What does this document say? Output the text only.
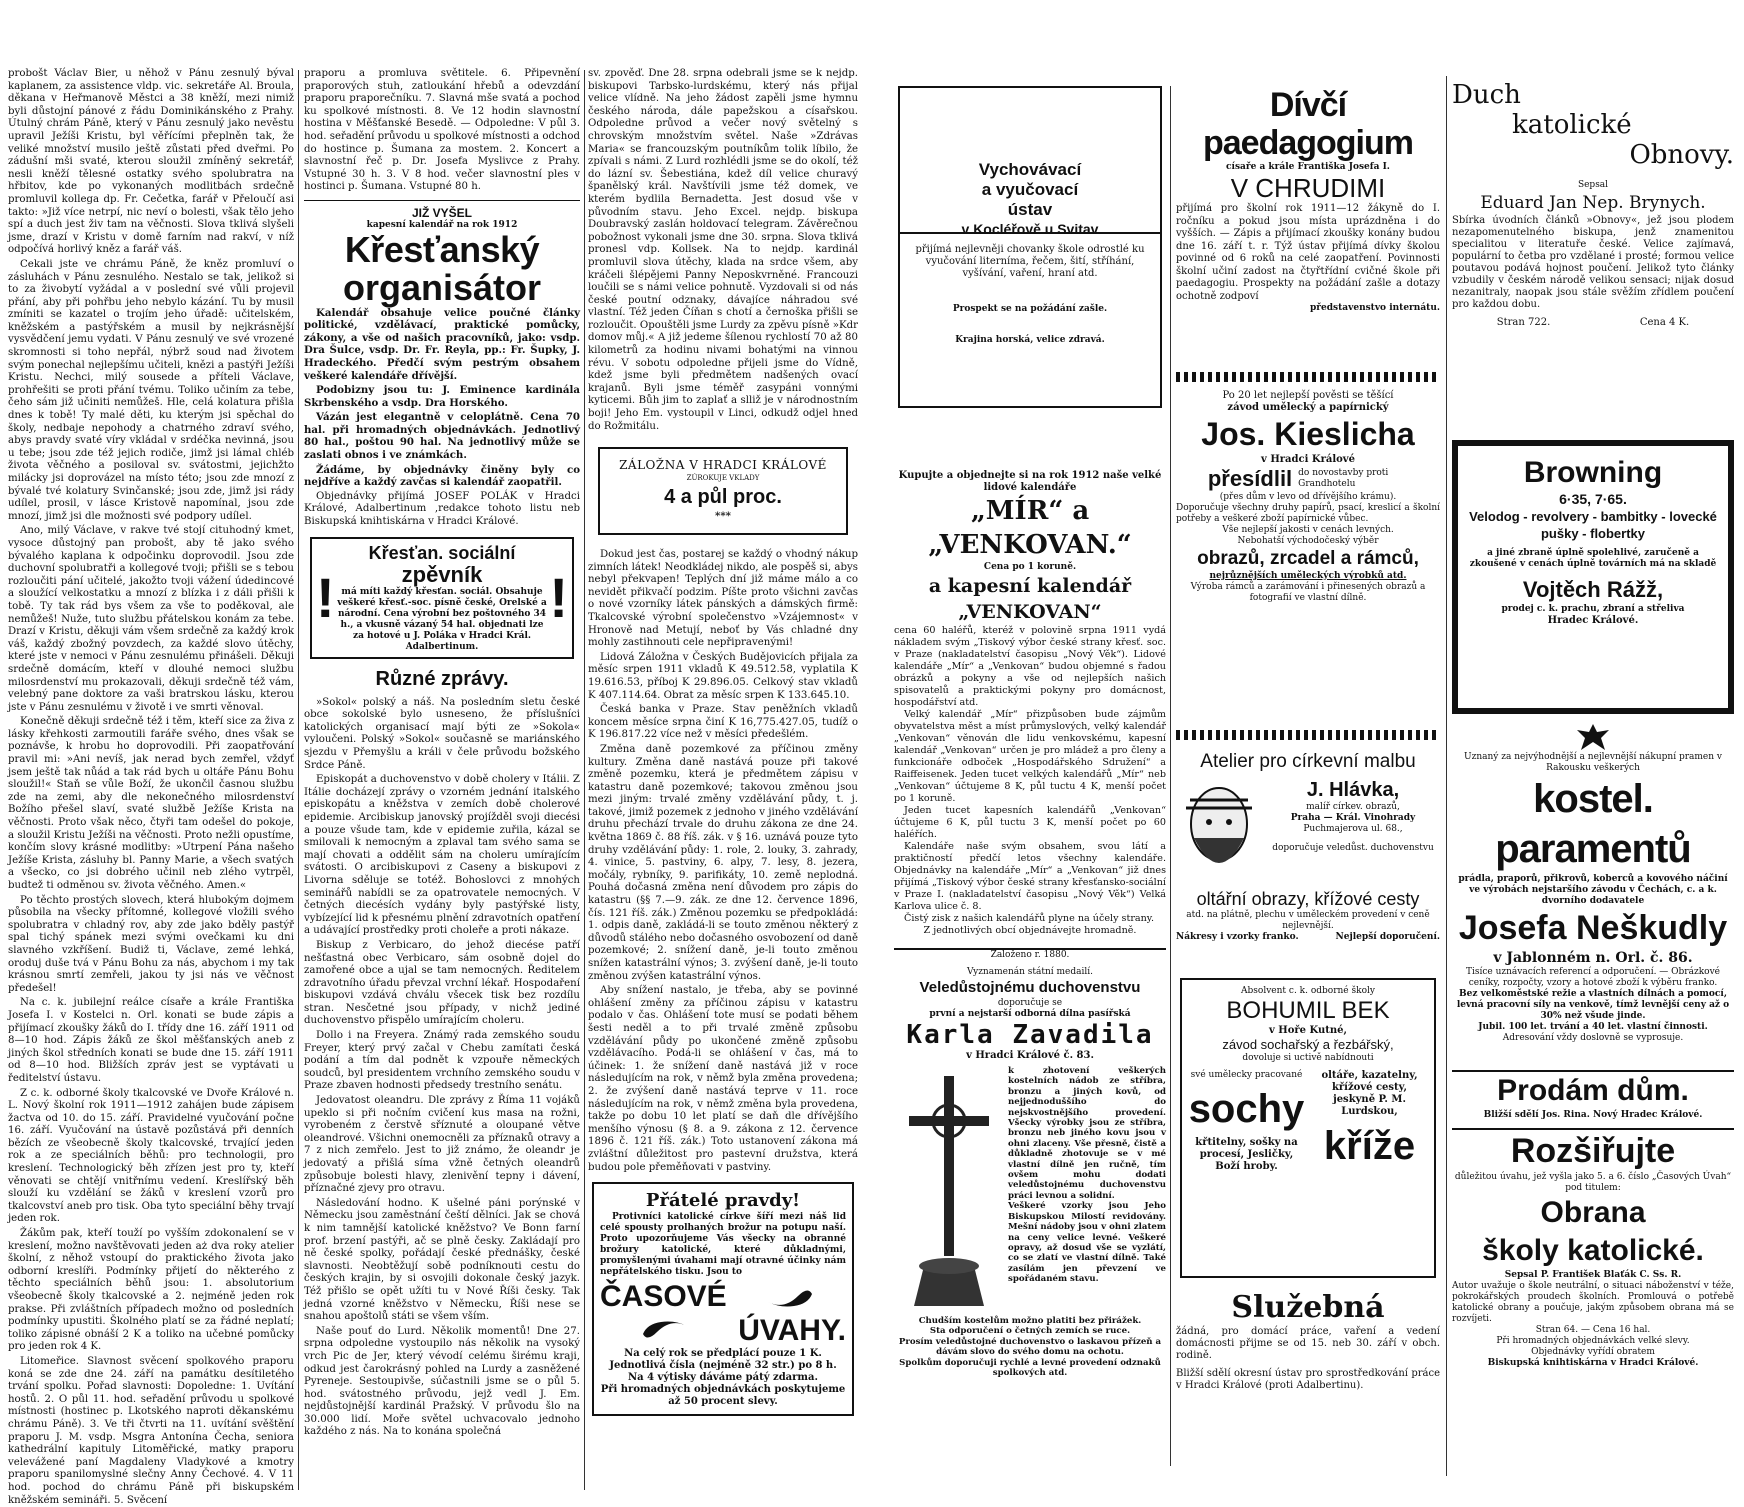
probošt Václav Bier, u něhož v Pánu zesnulý býval kaplanem, za assistence vldp. vic. sekretáře Al. Broula, děkana v Heřmanově Městci a 38 kněží, mezi nimiž byli důstojní pánové z řádu Dominikánského z Prahy. Útulný chrám Páně, který v Pánu zesnulý jako nevěstu upravil Ježíši Kristu, byl věřícími přeplněn tak, že veliké množství musilo ještě zůstati před dveřmi. Po zádušní mši svaté, kterou sloužil zmíněný sekretář, nesli kněží tělesné ostatky svého spolubratra na hřbitov, kde po vykonaných modlitbách srdečně promluvil kollega dp. Fr. Cečetka, farář v Přeloučí asi takto: »Již více netrpí, nic neví o bolesti, však tělo jeho spí a duch jest živ tam na věčnosti. Slova tklivá slyšeli jsme, drazí v Kristu v domě farním nad rakví, v níž odpočívá horlivý kněz a farář váš.

Cekali jste ve chrámu Páně, že kněz promluví o zásluhách v Pánu zesnulého. Nestalo se tak, jelikož si to za živobytí vyžádal a v poslední své vůli projevil přání, aby při pohřbu jeho nebylo kázání. Tu by musil zmíniti se kazatel o trojím jeho úřadě: učitelském, kněžském a pastýřském a musil by nejkrásnější vysvědčení jemu vydati. V Pánu zesnulý ve své vrozené skromnosti si toho nepřál, nýbrž soud nad životem svým ponechal nejlepšímu učiteli, knězi a pastýři Ježíši Kristu. Nechci, milý sousede a příteli Václave, prohřešiti se proti přání tvému. Toliko učiním za tebe, čeho sám již učiniti nemůžeš. Hle, celá kolatura přišla dnes k tobě! Ty malé děti, ku kterým jsi spěchal do školy, nedbaje nepohody a chatrného zdraví svého, abys pravdy svaté víry vkládal v srdéčka nevinná, jsou u tebe; jsou zde též jejich rodiče, jimž jsi lámal chléb života věčného a posiloval sv. svátostmi, jejichžto milácky jsi doprovázel na místo této; jsou zde mnozí z bývalé tvé kolatury Svinčanské; jsou zde, jimž jsi rády udílel, prosil, v lásce Kristově napomínal, jsou zde mnozí, jimž jsi dle možnosti své podpory udílel.

Ano, milý Václave, v rakve tvé stojí cituhodný kmet, vysoce důstojný pan probošt, aby tě jako svého bývalého kaplana k odpočinku doprovodil. Jsou zde duchovní spolubratři a kollegové tvoji; přišli se s tebou rozloučiti pání učitelé, jakožto tvoji vážení údedincové a sloužící velkostatku a mnozí z blízka i z dáli přišli k tobě. Ty tak rád bys všem za vše to poděkoval, ale nemůžeš! Nuže, tuto službu přátelskou konám za tebe. Drazí v Kristu, děkuji vám všem srdečně za každý krok váš, každý zbožný povzdech, za každé slovo útěchy, které jste v nemoci v Pánu zesnulému přinášeli. Děkuji srdečně domácím, kteří v dlouhé nemoci službu milosrdenství mu prokazovali, děkuji srdečně též vám, velebný pane doktore za vaši bratrskou lásku, kterou jste v Pánu zesnulému v životě i ve smrti věnoval.

Konečně děkuji srdečně též i těm, kteří sice za živa z lásky křehkosti zarmoutili faráře svého, dnes však se poznávše, k hrobu ho doprovodili. Při zaopatřování pravil mi: »Ani nevíš, jak nerad bych zemřel, vždyť jsem ještě tak nůád a tak rád bych u oltáře Pánu Bohu sloužil!« Staň se vůle Boží, že ukončil časnou službu zde na zemi, aby dle nekonečného milosrdenství Božího přešel slaví, svaté službě Ježíše Krista na věčnosti. Proto však něco, čtyři tam odešel do pokoje, a sloužil Kristu Ježíši na věčnosti. Proto nežli opustíme, končím slovy krásné modlitby: »Utrpení Pána našeho Ježíše Krista, zásluhy bl. Panny Marie, a všech svatých a všecko, co jsi dobrého učinil neb zlého vytrpěl, budtež ti odměnou sv. života věčného. Amen.«

Po těchto prostých slovech, která hlubokým dojmem působila na všecky přítomné, kollegové vložili svého spolubratra v chladný rov, aby zde jako bděly pastýř spal tichý spánek mezi svými ovečkami ku dni slavného vzkříšení. Budiž ti, Václave, zemé lehká, oroduj duše tvá v Pánu Bohu za nás, abychom i my tak krásnou smrtí zemřeli, jakou ty jsi nás ve věčnost předešel!

Na c. k. jubilejní reálce císaře a krále Františka Josefa I. v Kostelci n. Orl. konati se bude zápis a přijímací zkoušky žáků do I. třídy dne 16. září 1911 od 8—10 hod. Zápis žáků ze škol měšťanských aneb z jiných škol středních konati se bude dne 15. září 1911 od 8—10 hod. Bližších zpráv jest se vyptávati u ředitelství ústavu.

Z c. k. odborné školy tkalcovské ve Dvoře Králové n. L. Nový školní rok 1911—1912 zahájen bude zápisem žactva od 10. do 15. září. Pravidelné vyučování počne 16. září. Vyučování na ústavě pozůstává při denních bězích ze všeobecně školy tkalcovské, trvající jeden rok a ze speciálních běhů: pro technologii, pro kreslení. Technologický běh zřízen jest pro ty, kteří věnovati se chtějí vnitřnímu vedení. Kreslířský běh slouží ku vzdělání se žáků v kreslení vzorů pro tkalcovství aneb pro tisk. Oba tyto speciální běhy trvají jeden rok.

Žákům pak, kteří touží po vyšším zdokonalení se v kreslení, možno navštěvovati jeden aż dva roky atelier školní, z něhož vstoupí do praktického života jako odborní kreslíři. Podmínky přijetí do některého z těchto speciálních běhů jsou: 1. absolutorium všeobecně školy tkalcovské a 2. nejméně jeden rok prakse. Při zvláštních případech možno od posledních podmínky upustiti. Školného platí se za řádné neplatí; toliko zápisné obnáší 2 K a toliko na učebné pomůcky pro jeden rok 4 K.

Litomeřice. Slavnost svěcení spolkového praporu koná se zde dne 24. září na památku desítiletého trvání spolku. Pořad slavnosti: Dopoledne: 1. Uvítání hostů. 2. O půl 11. hod. seřadění průvodu u spolkové místnosti (hostinec p. Lkotského naproti děkanskému chrámu Páně). 3. Ve tři čtvrti na 11. uvítání svěštění praporu J. M. vsdp. Msgra Antonína Čecha, seniora kathedrální kapituly Litoměřické, matky praporu velevážené paní Magdaleny Vladykové a kmotry praporu spanilomyslné slečny Anny Čechové. 4. V 11 hod. pochod do chrámu Páně při biskupském kněžském semináři. 5. Svěcení

praporu a promluva světitele. 6. Připevnění praporových stuh, zatloukání hřebů a odevzdání praporu praporečníku. 7. Slavná mše svatá a pochod ku spolkové místnosti. 8. Ve 12 hodin slavnostní hostina v Měšťanské Besedě. — Odpoledne: V půl 3. hod. seřadění průvodu u spolkové místnosti a odchod do hostince p. Šumana za mostem. 2. Koncert a slavnostní řeč p. Dr. Josefa Myslivce z Prahy. Vstupné 30 h. 3. V 8 hod. večer slavnostní ples v hostinci p. Šumana. Vstupné 80 h.

JIŽ VYŠEL
kapesní kalendář na rok 1912
Křesťanský
organisátor

Kalendář obsahuje velice poučné články politické, vzdělávací, praktické pomůcky, zákony, a vše od našich pracovníků, jako: vsdp. Dra Šulce, vsdp. Dr. Fr. Reyla, pp.: Fr. Šupky, J. Hradeckého. Předčí svým pestrým obsahem veškeré kalendáře dřívější.

Podobizny jsou tu: J. Eminence kardinála Skrbenského a vsdp. Dra Horského.

Vázán jest elegantně v celoplátně. Cena 70 hal. při hromadných objednávkách. Jednotlivý 80 hal., poštou 90 hal. Na jednotlivý může se zaslati obnos i ve známkách.

Žádáme, by objednávky činěny byly co nejdříve a každý zavčas si kalendář zaopatřil.

Objednávky přijímá JOSEF POLÁK v Hradci Králové, Adalbertinum ,redakce tohoto listu neb Biskupská knihtiskárna v Hradci Králové.

!
Křesťan. sociální
zpěvník
má míti každý křesťan. sociál. Obsahuje veškeré křesť.-soc. písně české, Orelské a národní. Cena výrobní bez poštovného 34 h., a vkusně vázaný 54 hal. objednati lze za hotové u J. Poláka v Hradci Král. Adalbertinum.
!
Různé zprávy.

»Sokol« polský a náš. Na posledním sletu české obce sokolské bylo usneseno, že příslušníci katolických organisací mají býti ze »Sokola« vyloučeni. Polský »Sokol« současně se mariánského sjezdu v Přemyšlu a králi v čele průvodu božského Srdce Páně.

Episkopát a duchovenstvo v době cholery v Itálii. Z Itálie docházejí zprávy o vzorném jednání italského episkopátu a kněžstva v zemích době cholerové epidemie. Arcibiskup janovský projížděl svoji diecési a pouze všude tam, kde v epidemie zuřila, kázal se smilovali k nemocným a zplaval tam svého sama se mají chovati a oddělit sám na choleru umírajícím svátosti. O arcibiskupovi z Caseny a biskupovi z Livorna sděluje se totéž. Bohoslovci z mnohých seminářů nabídli se za opatrovatele nemocných. V četných diecésích vydány byly pastýřské listy, vybízející lid k přesnému plnění zdravotních opatření a udávající prostředky proti choleře a proti nákaze.

Biskup z Verbicaro, do jehož diecése patří nešťastná obec Verbicaro, sám osobně dojel do zamořené obce a ujal se tam nemocných. Ředitelem zdravotního úřadu převzal vrchní lékař. Hospodaření biskupovi vzdává chválu všecek tisk bez rozdílu stran. Nesčetné jsou případy, v nichž jediné duchovenstvo přispělo umírajícím choleru.

Dollo i na Freyera. Známý rada zemského soudu Freyer, který prvý začal v Chebu zamítati česká podání a tím dal podnět k vzpouře německých soudců, byl presidentem vrchního zemského soudu v Praze zbaven hodnosti předsedy trestního senátu.

Jedovatost oleandru. Dle zprávy z Říma 11 vojáků upeklo si při nočním cvičení kus masa na rožni, vyrobeném z čerstvě sříznuté a oloupané větve oleandrové. Všichni onemocněli za příznaků otravy a 7 z nich zemřelo. Jest to již známo, že oleandr je jedovatý a přišlá síma vžně četných oleandrů způsobuje bolesti hlavy, zlenivění tepny i dávení, příznačné zjevy pro otravu.

Následování hodno. K ušelné páni porýnské v Německu jsou zaměstnání čeští dělníci. Jak se chová k nim tamnější katolické kněžstvo? Ve Bonn farní prof. brzení pastýři, ač se plně česky. Zakládají pro ně české spolky, pořádají české přednášky, české slavnosti. Neobtěžují sobě podníknouti cestu do českých krajin, by si osvojili dokonale český jazyk. Též přišlo se opět užíti tu v Nové Říši česky. Tak jedná vzorné kněžstvo v Německu, Říši nese se snahou apoštolů státi se všem vším.

Naše pouť do Lurd. Několik momentů! Dne 27. srpna odpoledne vystoupilo nás několik na vysoký vrch Pic de Jer, který vévodí celému širému kraji, odkud jest čarokrásný pohled na Lurdy a zasněžené Pyreneje. Sestoupivše, súčastnili jsme se o půl 5. hod. svátostného průvodu, jejž vedl J. Em. nejdůstojnější kardinál Pražský. V průvodu šlo na 30.000 lidí. Moře světel uchvacovalo jednoho každého z nás. Na to konána společná

sv. zpověď. Dne 28. srpna odebrali jsme se k nejdp. biskupovi Tarbsko-lurdskému, který nás přijal velice vlídně. Na jeho žádost zapěli jsme hymnu českého národa, dále papežskou a císařskou. Odpoledne průvod a večer nový světelný s chrovským množstvím světel. Naše »Zdrávas Maria« se francouzským poutníkům tolik líbilo, že zpívali s námi. Z Lurd rozhlédli jsme se do okolí, též do lázní sv. Šebestiána, kdež díl velice churavý španělský král. Navštívili jsme též domek, ve kterém bydlila Bernadetta. Jest dosud vše v původním stavu. Jeho Excel. nejdp. biskupa Doubravský zaslán holdovací telegram. Závěrečnou pobožnost vykonali jsme dne 30. srpna. Slova tklivá pronesl vdp. Kollsek. Na to nejdp. kardinál promluvil slova útěchy, klada na srdce všem, aby kráčeli šlépějemi Panny Neposkvrněné. Francouzi loučili se s námi velice pohnutě. Vyzdovali si od nás české poutní odznaky, dávajíce náhradou své vlastní. Též jeden Číňan s chotí a černoška přišli se rozloučit. Opouštěli jsme Lurdy za zpěvu písně »Kdr domov můj.« A již jedeme šílenou rychlostí 70 až 80 kilometrů za hodinu nivami bohatými na vinnou révu. V sobotu odpoledne přijeli jsme do Vídně, kdež jsme byli předmětem nadšených ovací krajanů. Byli jsme téměř zasypáni vonnými kyticemi. Bůh jim to zaplať a slliž je v národnostním boji! Jeho Em. vystoupil v Linci, odkudž odjel hned do Rožmitálu.

ZÁLOŽNA V HRADCI KRÁLOVÉ
ZÚROKUJE VKLADY
4 a půl proc.
***

Dokud jest čas, postarej se každý o vhodný nákup zimních látek! Neodkládej nikdo, ale pospěš si, abys nebyl překvapen! Teplých dní již máme málo a co nevidět přikvačí podzim. Píšte proto všichni zavčas o nové vzorníky látek pánských a dámských firmě: Tkalcovské výrobní společenstvo »Vzájemnost« v Hronově nad Metují, neboť by Vás chladné dny mohly zastihnouti cele nepřipravenými!

Lidová Záložna v Českých Budějovicích přijala za měsíc srpen 1911 vkladů K 49.512.58, vyplatila K 19.616.53, příboj K 29.896.05. Celkový stav vkladů K 407.114.64. Obrat za měsíc srpen K 133.645.10.

Česká banka v Praze. Stav peněžních vkladů koncem měsíce srpna činí K 16,775.427.05, tudíž o K 196.817.22 více než v měsíci předešlém.

Změna daně pozemkové za příčinou změny kultury. Změna daně nastává pouze při takové změně pozemku, která je předmětem zápisu v katastru daně pozemkové; takovou změnou jsou mezi jiným: trvalé změny vzdělávání půdy, t. j. takové, jimiž pozemek z jednoho v jiného vzdělávání druhu přechází trvale do druhu zákona ze dne 24. května 1869 č. 88 říš. zák. v § 16. uznává pouze tyto druhy vzdělávání půdy: 1. role, 2. louky, 3. zahrady, 4. vinice, 5. pastviny, 6. alpy, 7. lesy, 8. jezera, močály, rybníky, 9. parifikáty, 10. země neplodná. Pouhá dočasná změna není důvodem pro zápis do katastru (§§ 7.—9. zák. ze dne 12. července 1896, čís. 121 říš. zák.) Změnou pozemku se předpokládá: 1. odpis daně, zakládá-li se touto změnou některý z důvodů stálého nebo dočasného osvobození od daně pozemkové; 2. snížení daně, je-li touto změnou snížen katastrální výnos; 3. zvýšení daně, je-li touto změnou zvýšen katastrální výnos.

Aby snížení nastalo, je třeba, aby se povinné ohlášení změny za příčinou zápisu v katastru podalo v čas. Ohlášení tote musí se podati během šesti neděl a to při trvalé změně způsobu vzdělávání půdy po ukončené změně způsobu vzdělávacího. Podá-li se ohlášení v čas, má to účinek: 1. že snížení daně nastává již v roce následujícím na rok, v němž byla změna provedena; 2. že zvýšení daně nastává teprve v 11. roce následujícím na rok, v němž změna byla provedena, takže po dobu 10 let platí se daň dle dřívějšího menšího výnosu (§ 8. a 9. zákona z 12. července 1896 č. 121 říš. zák.) Toto ustanovení zákona má zvláštní důležitost pro pastevní družstva, která budou pole přeměňovati v pastviny.

Přátelé pravdy!

Protivníci katolické církve šíří mezi náš lid celé spousty prolhaných brožur na potupu naší. Proto upozorňujeme Vás všecky na obranné brožury katolické, které důkladnými, promyšlenými úvahami mají otravné účinky nám nepřátelského tisku. Jsou to

ČASOVÉ
ÚVAHY.
Na celý rok se předplácí pouze 1 K. Jednotlivá čísla (nejméně 32 str.) po 8 h.
Na 4 výtisky dáváme pátý zdarma.
Při hromadných objednávkách poskytujeme až 50 procent slevy.
Vychovávací
a vyučovací
ústav
v Kocléřově u Svitav
přijímá nejlevněji chovanky škole odrostlé ku vyučování literníma, řečem, šití, stříhání, vyšívání, vaření, hraní atd.
Prospekt se na požádání zašle.
Krajina horská, velice zdravá.
Kupujte a objednejte si na rok 1912 naše velké lidové kalendáře
„MÍR“ a „VENKOVAN.“
Cena po 1 koruně.
a kapesní kalendář „VENKOVAN“

cena 60 haléřů, kteréž v polovině srpna 1911 vydá nákladem svým „Tiskový výbor české strany křesť. soc. v Praze (nakladatelství časopisu „Nový Věk“). Lidové kalendáře „Mír“ a „Venkovan“ budou objemné s řadou obrázků a pokyny a vše od nejlepších našich spisovatelů a praktickými pokyny pro domácnost, hospodářství atd.

Velký kalendář „Mír“ přizpůsoben bude zájmům obyvatelstva měst a míst průmyslových, velký kalendář „Venkovan“ věnován dle lidu venkovskému, kapesní kalendář „Venkovan“ určen je pro mládež a pro členy a funkcionáře odboček „Hospodářského Sdružení“ a Raiffeisenek. Jeden tucet velkých kalendářů „Mír“ neb „Venkovan“ účtujeme 8 K, půl tuctu 4 K, menší počet po 1 koruně.

Jeden tucet kapesních kalendářů „Venkovan“ účtujeme 6 K, půl tuctu 3 K, menší počet po 60 haléřích.

Kalendáře naše svým obsahem, svou látí a praktičností předčí letos všechny kalendáře. Objednávky na kalendáře „Mír“ a „Venkovan“ již dnes přijímá „Tiskový výbor české strany křesťansko-sociální v Praze I. (nakladatelství časopisu „Nový Věk“) Velká Karlova ulice č. 8.

Čistý zisk z našich kalendářů plyne na účely strany.

Z jednotlivých obcí objednávejte hromadně.

Založeno r. 1880.
Vyznamenán státní medailí.
Veledůstojnému duchovenstvu
doporučuje se
první a nejstarší odborná dílna pasířská
Karla Zavadila
v Hradci Králové č. 83.
k zhotovení veškerých kostelních nádob ze stříbra, bronzu a jiných kovů, od nejjednoduššího do nejskvostnějšího provedení. Všecky výrobky jsou ze stříbra, bronzu neb jiného kovu jsou v ohni zlaceny. Vše přesně, čistě a důkladně zhotovuje se v mé vlastní dílně jen ručně, tím ovšem mohu dodati veledůstojnému duchovenstvu práci levnou a solidní.
Veškeré vzorky jsou Jeho Biskupskou Milostí revidovány. Mešní nádoby jsou v ohni zlatem na ceny velice levné. Veškeré opravy, až dosud vše se vyzlátí, co se zlatí ve vlastní dílně. Také zasílám jen převzení ve spořádaném stavu.
Chudším kostelům možno platiti bez přirážek.
Sta odporučení o četných zemích se ruce.
Prosím veledůstojné duchovenstvo o laskavou přízeň a dávám slovo do svého domu na ochotu.
Spolkům doporučuji rychlé a levné provedení odznaků spolkových atd.
Dívčí paedagogium
císaře a krále Františka Josefa I.
V CHRUDIMI
přijímá pro školní rok 1911—12 žákyně do I. ročníku a pokud jsou místa uprázdněna i do vyšších. — Zápis a přijímací zkoušky konány budou dne 16. září t. r. Týž ústav přijímá dívky školou povinné od 6 roků na celé zaopatření. Povinnosti školní učiní zadost na čtyřtřídní cvičné škole při paedagogiu. Prospekty na požádání zašle a dotazy ochotně zodpoví
představenstvo internátu.
Po 20 let nejlepší pověsti se těšící
závod umělecký a papírnický
Jos. Kieslicha
v Hradci Králové
přesídlil do novostavby proti Grandhotelu
(přes dům v levo od dřívějšího krámu).
Doporučuje všechny druhy papírů, psací, kreslicí a školní potřeby a veškeré zboží papírnické vůbec.
Vše nejlepší jakosti v cenách levných.
Nebohatší východočeský výběr
obrazů, zrcadel a rámců,
nejrůznějších uměleckých výrobků atd.
Výroba rámců a zarámování i přinesených obrazů a fotografií ve vlastní dílně.
Atelier pro církevní malbu
J. Hlávka,
malíř církev. obrazů,
Praha — Král. Vinohrady
Puchmajerova ul. 68.,
doporučuje veledůst. duchovenstvu
oltářní obrazy, křížové cesty
atd. na plátně, plechu v uměleckém provedení v ceně nejlevnější.
Nákresy i vzorky franko.	Nejlepší doporučení.
Absolvent c. k. odborné školy
BOHUMIL BEK
v Hoře Kutné,
závod sochařský a řezbářský,
dovoluje si uctivě nabídnouti
své umělecky pracované
sochy
křtitelny, sošky na procesí, Jesličky, Boží hroby.
oltáře, kazatelny, křížové cesty, jeskyně P. M. Lurdskou,
kříže
Služebná
žádná, pro domácí práce, vaření a vedení domácnosti přijme se od 15. neb 30. září v obch. rodině.
Bližší sdělí okresní ústav pro sprostředkování práce v Hradci Králové (proti Adalbertinu).
Duch
katolické
Obnovy.
Sepsal
Eduard Jan Nep. Brynych.
Sbírka úvodních článků »Obnovy«, jež jsou plodem nezapomenutelného biskupa, jenž znamenitou specialitou v literatuře české. Velice zajímavá, populární to četba pro vzdělané i prosté; formou velice poutavou podává hojnost poučení. Jelikož tyto články vzbudily v českém národě velikou sensaci; nijak dosud nezanitraly, naopak jsou stále svěžím zřídlem poučení pro každou dobu.
Stran 722.	Cena 4 K.
Browning
6·35, 7·65.
Velodog - revolvery - bambitky - lovecké pušky - flobertky
a jiné zbraně úplně spolehlivé, zaručeně a zkoušené v cenách úplně továrních má na skladě
Vojtěch Rážž,
prodej c. k. prachu, zbraní a střeliva
Hradec Králové.
Uznaný za nejvýhodnější a nejlevnější nákupní pramen v Rakousku veškerých
kostel. paramentů
prádla, praporů, přikrovů, koberců a kovového náčiní ve výrobách nejstaršího závodu v Čechách, c. a k. dvorního dodavatele
Josefa Neškudly
v Jablonném n. Orl. č. 86.
Tisíce uznávacích referencí a odporučení. — Obrázkové ceníky, rozpočty, vzory a hotové zboží k výběru franko.
Bez velkoměstské režie a vlastních dílnách a pomocí, levná pracovní síly na venkově, tímž levnější ceny až o 30% než všude jinde.
Jubil. 100 let. trvání a 40 let. vlastní činnosti.
Adresování vždy doslovně se vyprosuje.
Prodám dům.
Bližší sdělí Jos. Rina. Nový Hradec Králové.
Rozšiřujte
důležitou úvahu, jež vyšla jako 5. a 6. číslo „Časových Úvah“ pod titulem:
Obrana
školy katolické.
Sepsal P. František Blaťák C. Ss. R.
Autor uvažuje o škole neutrální, o situaci náboženství v téže, pokrokářských proudech školních. Promlouvá o potřebě katolické obrany a poučuje, jakým způsobem obrana má se rozvíjeti.
Stran 64. — Cena 16 hal.
Při hromadných objednávkách velké slevy.
Objednávky vyřídí obratem
Biskupská knihtiskárna v Hradci Králové.
